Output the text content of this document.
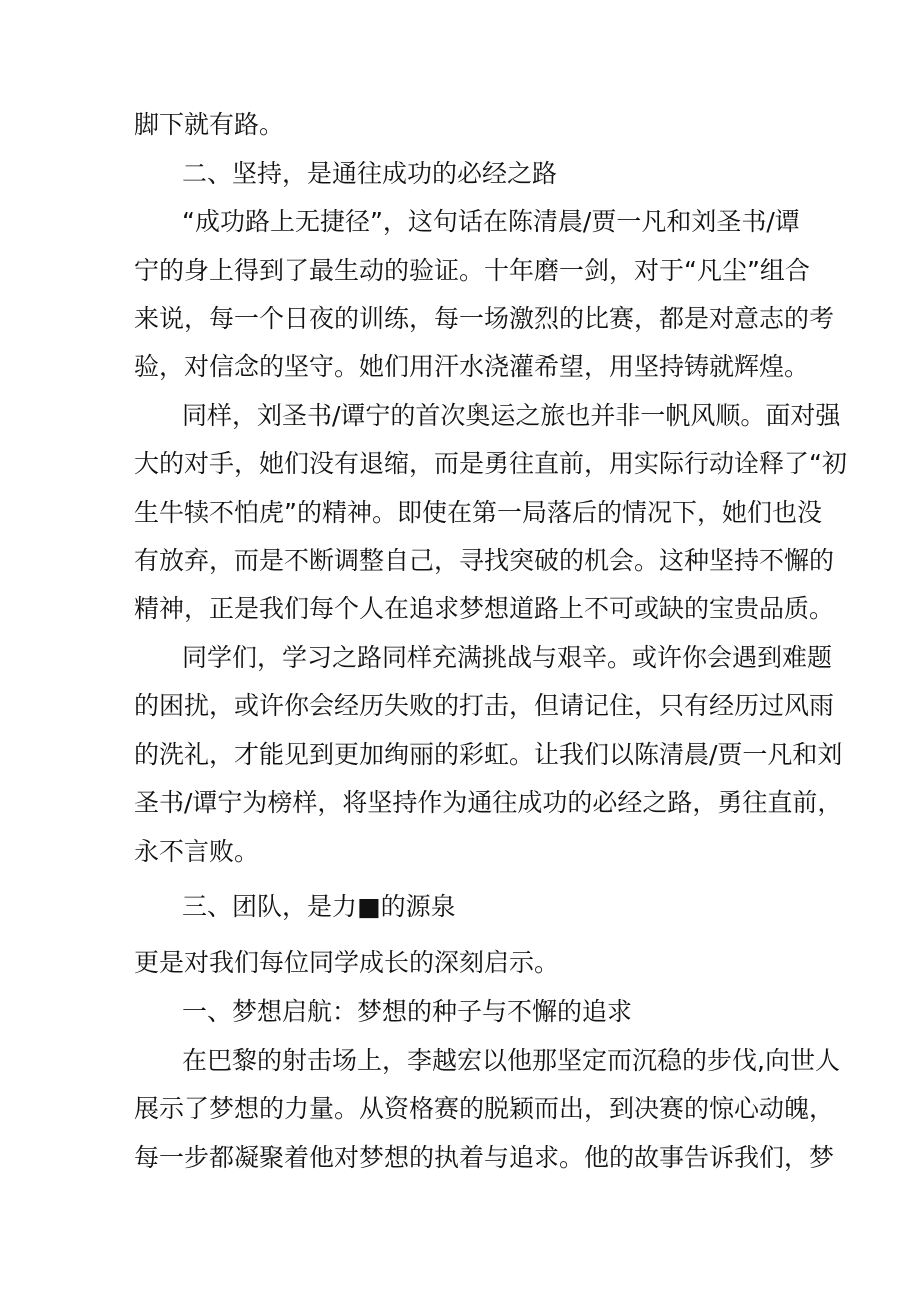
脚下就有路。
二、坚持，是通往成功的必经之路
“成功路上无捷径”，这句话在陈清晨/贾一凡和刘圣书/谭
宁的身上得到了最生动的验证。十年磨一剑，对于“凡尘”组合
来说，每一个日夜的训练，每一场激烈的比赛，都是对意志的考
验，对信念的坚守。她们用汗水浇灌希望，用坚持铸就辉煌。
同样，刘圣书/谭宁的首次奥运之旅也并非一帆风顺。面对强
大的对手，她们没有退缩，而是勇往直前，用实际行动诠释了“初
生牛犊不怕虎”的精神。即使在第一局落后的情况下，她们也没
有放弃，而是不断调整自己，寻找突破的机会。这种坚持不懈的
精神，正是我们每个人在追求梦想道路上不可或缺的宝贵品质。
同学们，学习之路同样充满挑战与艰辛。或许你会遇到难题
的困扰，或许你会经历失败的打击，但请记住，只有经历过风雨
的洗礼，才能见到更加绚丽的彩虹。让我们以陈清晨/贾一凡和刘
圣书/谭宁为榜样，将坚持作为通往成功的必经之路，勇往直前，
永不言败。
三、团队，是力■的源泉
更是对我们每位同学成长的深刻启示。
一、梦想启航：梦想的种子与不懈的追求
在巴黎的射击场上，李越宏以他那坚定而沉稳的步伐,向世人
展示了梦想的力量。从资格赛的脱颖而出，到决赛的惊心动魄，
每一步都凝聚着他对梦想的执着与追求。他的故事告诉我们，梦
